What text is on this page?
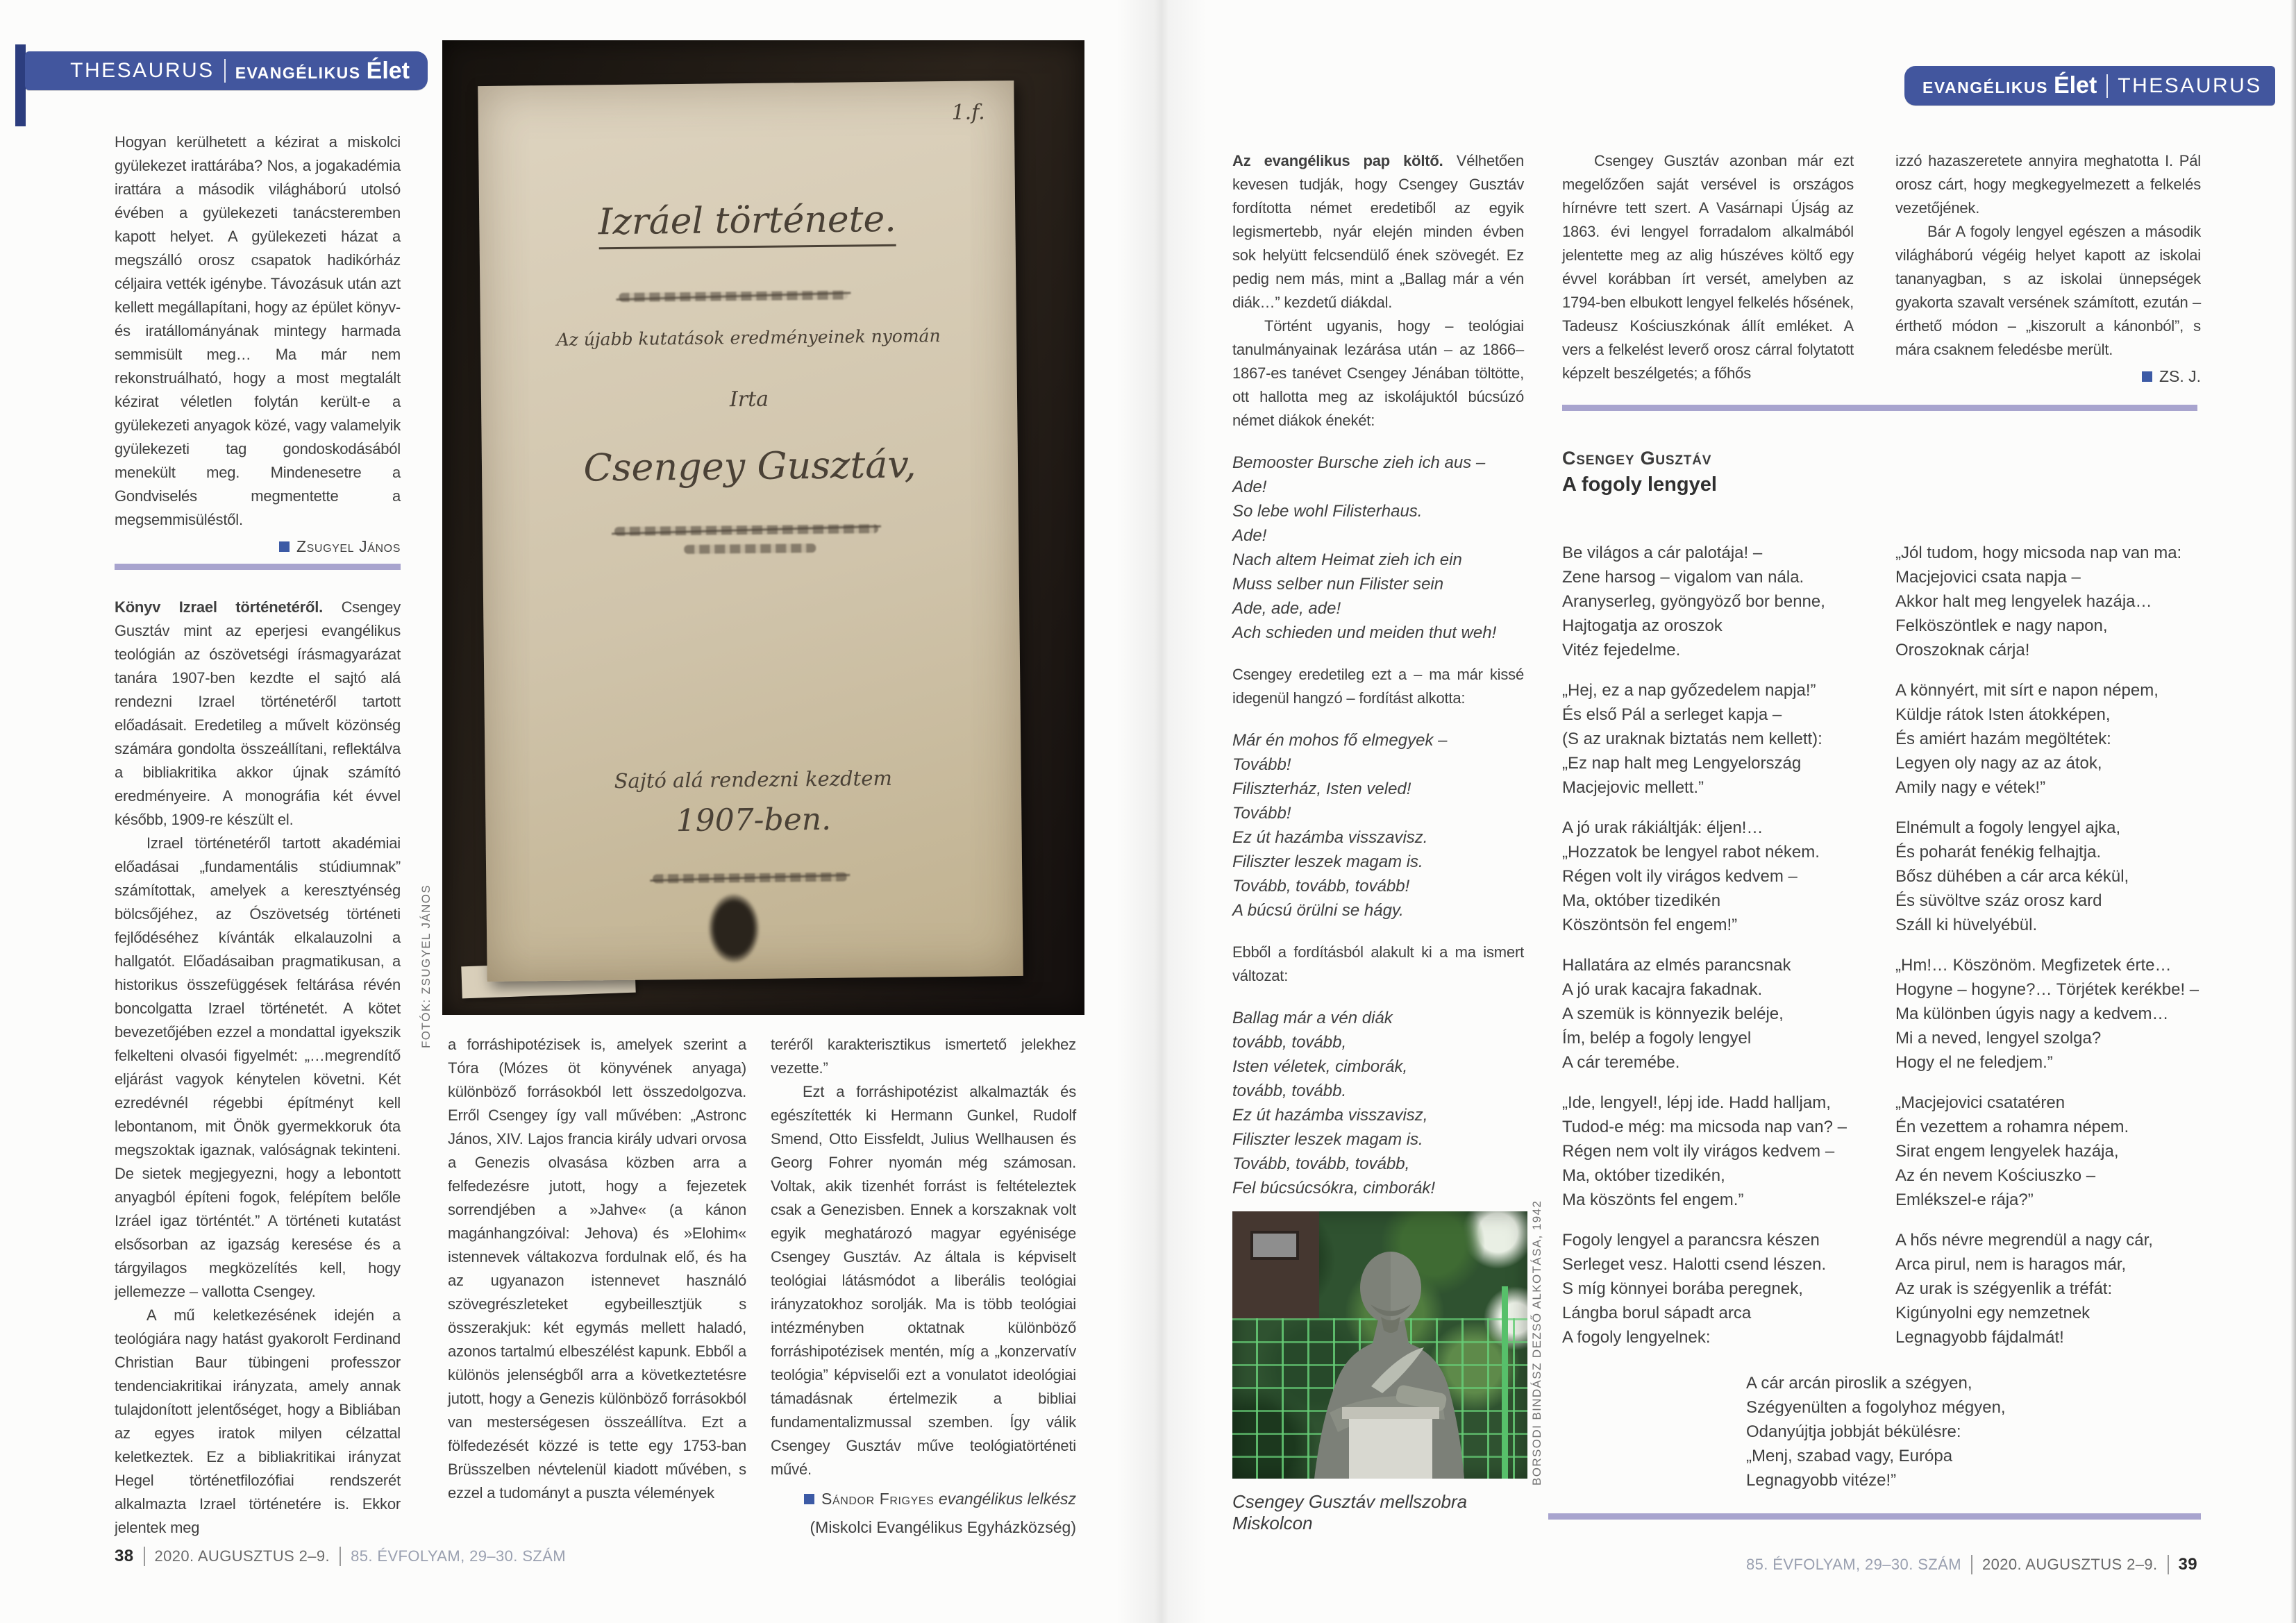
THESAURUS EVANGÉLIKUS Élet

Hogyan kerülhetett a kézirat a miskolci gyülekezet irattárába? Nos, a jogakadémia irattára a második világháború utolsó évében a gyülekezeti tanácsteremben kapott helyet. A gyülekezeti házat a megszálló orosz csapatok hadikórház céljaira vették igénybe. Távozásuk után azt kellett megállapítani, hogy az épület könyv- és iratállományának mintegy harmada semmisült meg… Ma már nem rekonstruálható, hogy a most megtalált kézirat véletlen folytán került-e a gyülekezeti anyagok közé, vagy valamelyik gyülekezeti tag gondoskodásából menekült meg. Mindenesetre a Gondviselés megmentette a megsemmisüléstől.

Zsugyel János

Könyv Izrael történetéről. Csengey Gusztáv mint az eperjesi evangélikus teológián az ószövetségi írásmagyarázat tanára 1907-ben kezdte el sajtó alá rendezni Izrael történetéről tartott előadásait. Eredetileg a művelt közönség számára gondolta összeállítani, reflektálva a bibliakritika akkor újnak számító eredményeire. A monográfia két évvel később, 1909-re készült el.

Izrael történetéről tartott akadémiai előadásai „fundamentális stúdiumnak” számítottak, amelyek a keresztyénség bölcsőjéhez, az Ószövetség történeti fejlődéséhez kívánták elkalauzolni a hallgatót. Előadásaiban pragmatikusan, a historikus összefüggések feltárása révén boncolgatta Izrael történetét. A kötet bevezetőjében ezzel a mondattal igyekszik felkelteni olvasói figyelmét: „…megrendítő eljárást vagyok kénytelen követni. Két ezredévnél régebbi építményt kell lebontanom, mit Önök gyermekkoruk óta megszoktak igaznak, valóságnak tekinteni. De sietek megjegyezni, hogy a lebontott anyagból építeni fogok, felépítem belőle Izráel igaz történtét.” A történeti kutatást elsősorban az igazság keresése és a tárgyilagos megközelítés kell, hogy jellemezze – vallotta Csengey.

A mű keletkezésének idején a teológiára nagy hatást gyakorolt Ferdinand Christian Baur tübingeni professzor tendenciakritikai irányzata, amely annak tulajdonított jelentőséget, hogy a Bibliában az egyes iratok milyen célzattal keletkeztek. Ez a bibliakritikai irányzat Hegel történetfilozófiai rendszerét alkalmazta Izrael történetére is. Ekkor jelentek meg

1.f.
Izráel története.
Az újabb kutatások eredményeinek nyomán
Irta
Csengey Gusztáv,
Sajtó alá rendezni kezdtem
1907-ben.
FOTÓK: ZSUGYEL JÁNOS a forráshipotézisek is, amelyek szerint a Tóra (Mózes öt könyvének anyaga) különböző forrásokból lett összedolgozva. Erről Csengey így vall művében: „Astronc János, XIV. Lajos francia király udvari orvosa a Genezis olvasása közben arra a felfedezésre jutott, hogy a fejezetek sorrendjében a »Jahve« (a kánon magánhangzóival: Jehova) és »Elohim« istennevek váltakozva fordulnak elő, és ha az ugyanazon istennevet használó szövegrészleteket egybeillesztjük s összerakjuk: két egymás mellett haladó, azonos tartalmú elbeszélést kapunk. Ebből a különös jelenségből arra a következtetésre jutott, hogy a Genezis különböző forrásokból van mesterségesen összeállítva. Ezt a fölfedezését közzé is tette egy 1753-ban Brüsszelben névtelenül kiadott művében, s ezzel a tudományt a puszta vélemények

teréről karakterisztikus ismertető jelekhez vezette.”

Ezt a forráshipotézist alkalmazták és egészítették ki Hermann Gunkel, Rudolf Smend, Otto Eissfeldt, Julius Wellhausen és Georg Fohrer nyomán még számosan. Voltak, akik tizenhét forrást is feltételeztek csak a Genezisben. Ennek a korszaknak volt egyik meghatározó magyar egyénisége Csengey Gusztáv. Az általa is képviselt teológiai látásmódot a liberális teológiai irányzatokhoz sorolják. Ma is több teológiai intézményben oktatnak különböző forráshipotézisek mentén, míg a „konzervatív teológia” képviselői ezt a vonulatot ideológiai támadásnak értelmezik a bibliai fundamentalizmussal szemben. Így válik Csengey Gusztáv műve teológiatörténeti művé.

Sándor Frigyes evangélikus lelkész
(Miskolci Evangélikus Egyházközség)
38 2020. AUGUSZTUS 2–9. 85. ÉVFOLYAM, 29–30. SZÁM
EVANGÉLIKUS Élet THESAURUS

Az evangélikus pap költő. Vélhetően kevesen tudják, hogy Csengey Gusztáv fordította német eredetiből az egyik legismertebb, nyár elején minden évben sok helyütt felcsendülő ének szövegét. Ez pedig nem más, mint a „Ballag már a vén diák…” kezdetű diákdal.

Történt ugyanis, hogy – teológiai tanulmányainak lezárása után – az 1866–1867-es tanévet Csengey Jénában töltötte, ott hallotta meg az iskolájuktól búcsúzó német diákok énekét:

Bemooster Bursche zieh ich aus –
Ade!
So lebe wohl Filisterhaus.
Ade!
Nach altem Heimat zieh ich ein
Muss selber nun Filister sein
Ade, ade, ade!
Ach schieden und meiden thut weh!

Csengey eredetileg ezt a – ma már kissé idegenül hangzó – fordítást alkotta:

Már én mohos fő elmegyek –
Tovább!
Filiszterház, Isten veled!
Tovább!
Ez út hazámba visszavisz.
Filiszter leszek magam is.
Tovább, tovább, tovább!
A búcsú örülni se hágy.

Ebből a fordításból alakult ki a ma ismert változat:

Ballag már a vén diák
tovább, tovább,
Isten véletek, cimborák,
tovább, tovább.
Ez út hazámba visszavisz,
Filiszter leszek magam is.
Tovább, tovább, tovább,
Fel búcsúcsókra, cimborák!
BORSODI BINDÁSZ DEZSŐ ALKOTÁSA, 1942
Csengey Gusztáv mellszobra Miskolcon

Csengey Gusztáv azonban már ezt megelőzően saját versével is országos hírnévre tett szert. A Vasárnapi Újság az 1863. évi lengyel forradalom alkalmából jelentette meg az alig húszéves költő egy évvel korábban írt versét, amelyben az 1794-ben elbukott lengyel felkelés hősének, Tadeusz Kościuszkónak állít emléket. A vers a felkelést leverő orosz cárral folytatott képzelt beszélgetés; a főhős

Csengey Gusztáv
A fogoly lengyel
Be világos a cár palotája! –
Zene harsog – vigalom van nála.
Aranyserleg, gyöngyöző bor benne,
Hajtogatja az oroszok
Vitéz fejedelme.
„Hej, ez a nap győzedelem napja!”
És első Pál a serleget kapja –
(S az uraknak biztatás nem kellett):
„Ez nap halt meg Lengyelország
Macjejovic mellett.”
A jó urak rákiáltják: éljen!…
„Hozzatok be lengyel rabot nékem.
Régen volt ily virágos kedvem –
Ma, október tizedikén
Köszöntsön fel engem!”
Hallatára az elmés parancsnak
A jó urak kacajra fakadnak.
A szemük is könnyezik beléje,
Ím, belép a fogoly lengyel
A cár teremébe.
„Ide, lengyel!, lépj ide. Hadd halljam,
Tudod-e még: ma micsoda nap van? –
Régen nem volt ily virágos kedvem –
Ma, október tizedikén,
Ma köszönts fel engem.”
Fogoly lengyel a parancsra készen
Serleget vesz. Halotti csend lészen.
S míg könnyei borába peregnek,
Lángba borul sápadt arca
A fogoly lengyelnek:

izzó hazaszeretete annyira meghatotta I. Pál orosz cárt, hogy megkegyelmezett a felkelés vezetőjének.

Bár A fogoly lengyel egészen a második világháború végéig helyet kapott az iskolai tananyagban, s az iskolai ünnepségek gyakorta szavalt versének számított, ezután – érthető módon – „kiszorult a kánonból”, s mára csaknem feledésbe merült.

ZS. J.
„Jól tudom, hogy micsoda nap van ma:
Macjejovici csata napja –
Akkor halt meg lengyelek hazája…
Felköszöntlek e nagy napon,
Oroszoknak cárja!
A könnyért, mit sírt e napon népem,
Küldje rátok Isten átokképen,
És amiért hazám megöltétek:
Legyen oly nagy az az átok,
Amily nagy e vétek!”
Elnémult a fogoly lengyel ajka,
És poharát fenékig felhajtja.
Bősz dühében a cár arca kékül,
És süvöltve száz orosz kard
Száll ki hüvelyébül.
„Hm!… Köszönöm. Megfizetek érte…
Hogyne – hogyne?… Törjétek kerékbe! –
Ma különben úgyis nagy a kedvem…
Mi a neved, lengyel szolga?
Hogy el ne feledjem.”
„Macjejovici csatatéren
Én vezettem a rohamra népem.
Sirat engem lengyelek hazája,
Az én nevem Kościuszko –
Emlékszel-e rája?”
A hős névre megrendül a nagy cár,
Arca pirul, nem is haragos már,
Az urak is szégyenlik a tréfát:
Kigúnyolni egy nemzetnek
Legnagyobb fájdalmát!
A cár arcán piroslik a szégyen,
Szégyenülten a fogolyhoz mégyen,
Odanyújtja jobbját békülésre:
„Menj, szabad vagy, Európa
Legnagyobb vitéze!”
85. ÉVFOLYAM, 29–30. SZÁM 2020. AUGUSZTUS 2–9. 39
